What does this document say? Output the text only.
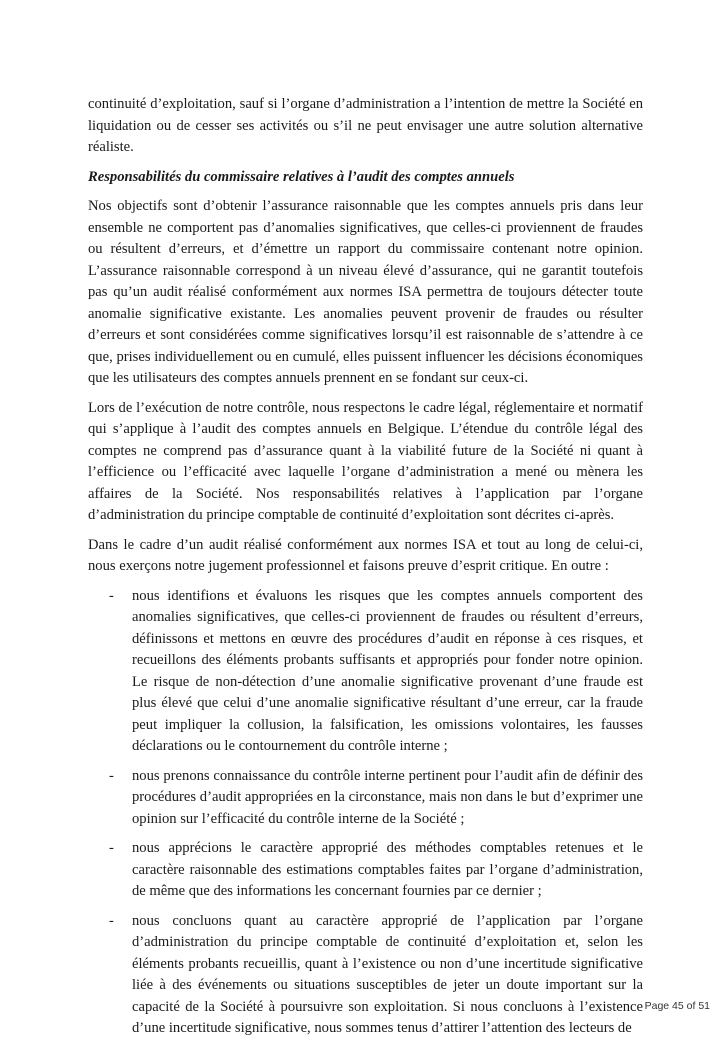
continuité d’exploitation, sauf si l’organe d’administration a l’intention de mettre la Société en liquidation ou de cesser ses activités ou s’il ne peut envisager une autre solution alternative réaliste.

Responsabilités du commissaire relatives à l’audit des comptes annuels

Nos objectifs sont d’obtenir l’assurance raisonnable que les comptes annuels pris dans leur ensemble ne comportent pas d’anomalies significatives, que celles-ci proviennent de fraudes ou résultent d’erreurs, et d’émettre un rapport du commissaire contenant notre opinion. L’assurance raisonnable correspond à un niveau élevé d’assurance, qui ne garantit toutefois pas qu’un audit réalisé conformément aux normes ISA permettra de toujours détecter toute anomalie significative existante. Les anomalies peuvent provenir de fraudes ou résulter d’erreurs et sont considérées comme significatives lorsqu’il est raisonnable de s’attendre à ce que, prises individuellement ou en cumulé, elles puissent influencer les décisions économiques que les utilisateurs des comptes annuels prennent en se fondant sur ceux-ci.

Lors de l’exécution de notre contrôle, nous respectons le cadre légal, réglementaire et normatif qui s’applique à l’audit des comptes annuels en Belgique. L’étendue du contrôle légal des comptes ne comprend pas d’assurance quant à la viabilité future de la Société ni quant à l’efficience ou l’efficacité avec laquelle l’organe d’administration a mené ou mènera les affaires de la Société. Nos responsabilités relatives à l’application par l’organe d’administration du principe comptable de continuité d’exploitation sont décrites ci-après.

Dans le cadre d’un audit réalisé conformément aux normes ISA et tout au long de celui-ci, nous exerçons notre jugement professionnel et faisons preuve d’esprit critique. En outre :

- nous identifions et évaluons les risques que les comptes annuels comportent des anomalies significatives, que celles-ci proviennent de fraudes ou résultent d’erreurs, définissons et mettons en œuvre des procédures d’audit en réponse à ces risques, et recueillons des éléments probants suffisants et appropriés pour fonder notre opinion. Le risque de non-détection d’une anomalie significative provenant d’une fraude est plus élevé que celui d’une anomalie significative résultant d’une erreur, car la fraude peut impliquer la collusion, la falsification, les omissions volontaires, les fausses déclarations ou le contournement du contrôle interne ;
- nous prenons connaissance du contrôle interne pertinent pour l’audit afin de définir des procédures d’audit appropriées en la circonstance, mais non dans le but d’exprimer une opinion sur l’efficacité du contrôle interne de la Société ;
- nous apprécions le caractère approprié des méthodes comptables retenues et le caractère raisonnable des estimations comptables faites par l’organe d’administration, de même que des informations les concernant fournies par ce dernier ;
- nous concluons quant au caractère approprié de l’application par l’organe d’administration du principe comptable de continuité d’exploitation et, selon les éléments probants recueillis, quant à l’existence ou non d’une incertitude significative liée à des événements ou situations susceptibles de jeter un doute important sur la capacité de la Société à poursuivre son exploitation. Si nous concluons à l’existence d’une incertitude significative, nous sommes tenus d’attirer l’attention des lecteurs de
Page 45 of 51
